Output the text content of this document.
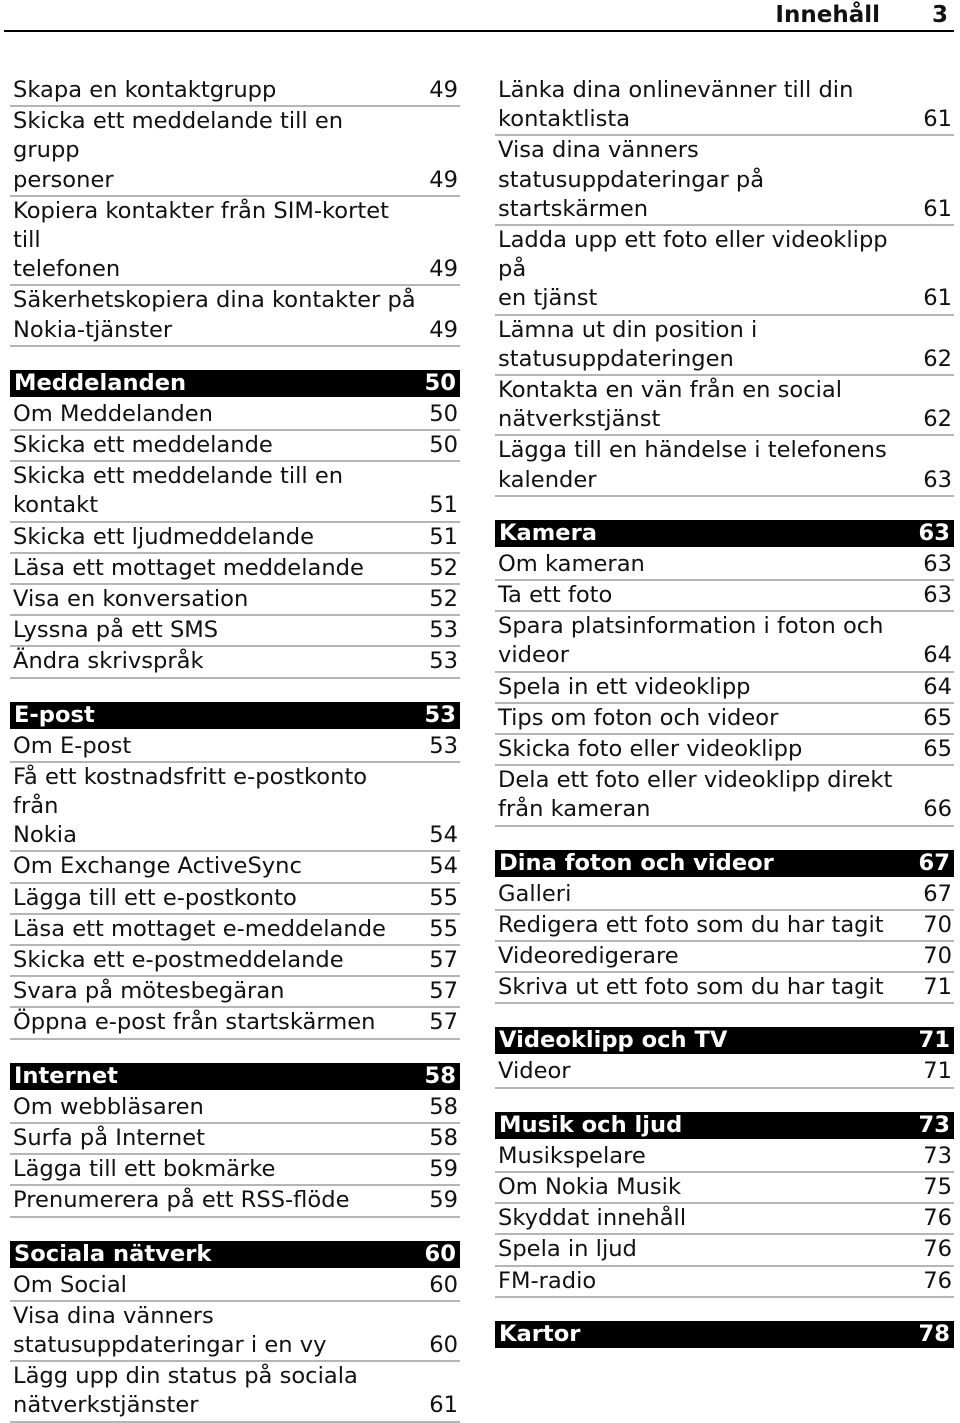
Innehåll 3
Skapa en kontaktgrupp	49
Skicka ett meddelande till en grupp
personer	49
Kopiera kontakter från SIM-kortet till
telefonen	49
Säkerhetskopiera dina kontakter på
Nokia-tjänster	49
Meddelanden	50
Om Meddelanden	50
Skicka ett meddelande	50
Skicka ett meddelande till en
kontakt	51
Skicka ett ljudmeddelande	51
Läsa ett mottaget meddelande	52
Visa en konversation	52
Lyssna på ett SMS	53
Ändra skrivspråk	53
E-post	53
Om E-post	53
Få ett kostnadsfritt e-postkonto från
Nokia	54
Om Exchange ActiveSync	54
Lägga till ett e-postkonto	55
Läsa ett mottaget e-meddelande 55
Skicka ett e-postmeddelande	57
Svara på mötesbegäran	57
Öppna e-post från startskärmen 57
Internet	58
Om webbläsaren	58
Surfa på Internet	58
Lägga till ett bokmärke	59
Prenumerera på ett RSS-flöde	59
Sociala nätverk	60
Om Social	60
Visa dina vänners
statusuppdateringar i en vy	60
Lägg upp din status på sociala
nätverkstjänster	61
Länka dina onlinevänner till din
kontaktlista	61
Visa dina vänners
statusuppdateringar på
startskärmen	61
Ladda upp ett foto eller videoklipp på
en tjänst	61
Lämna ut din position i
statusuppdateringen	62
Kontakta en vän från en social
nätverkstjänst	62
Lägga till en händelse i telefonens
kalender	63
Kamera	63
Om kameran	63
Ta ett foto	63
Spara platsinformation i foton och
videor	64
Spela in ett videoklipp	64
Tips om foton och videor	65
Skicka foto eller videoklipp	65
Dela ett foto eller videoklipp direkt
från kameran	66
Dina foton och videor	67
Galleri	67
Redigera ett foto som du har tagit 70
Videoredigerare	70
Skriva ut ett foto som du har tagit 71
Videoklipp och TV	71
Videor	71
Musik och ljud	73
Musikspelare	73
Om Nokia Musik	75
Skyddat innehåll	76
Spela in ljud	76
FM-radio	76
Kartor	78
